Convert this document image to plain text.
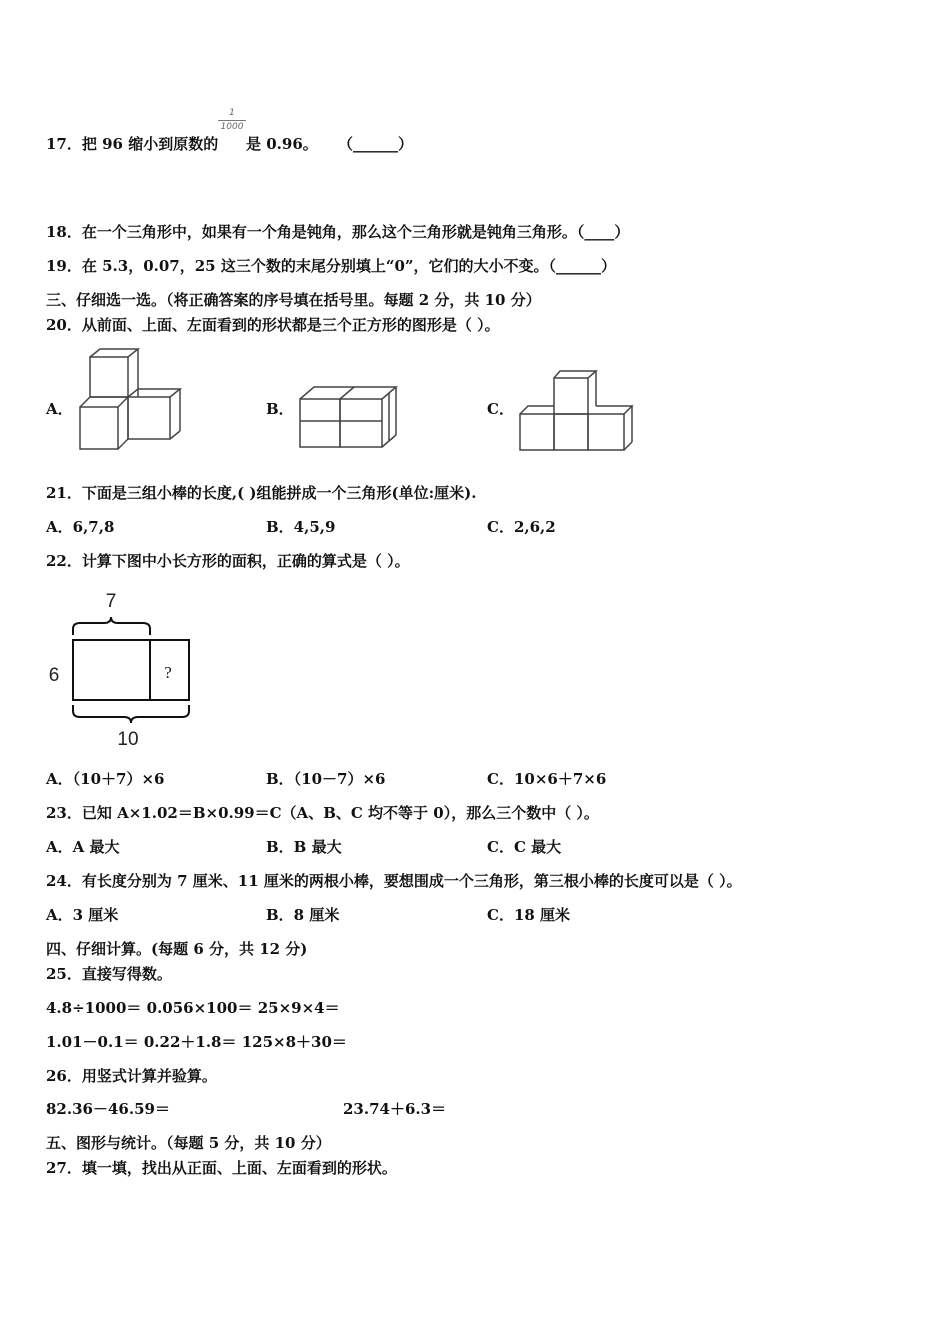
17．把 96 缩小到原数的
1
1000
是 0.96。 （______）
18．在一个三角形中，如果有一个角是钝角，那么这个三角形就是钝角三角形。（____）
19．在 5.3，0.07，25 这三个数的末尾分别填上“0”，它们的大小不变。（______）
三、仔细选一选。（将正确答案的序号填在括号里。每题 2 分，共 10 分）
20．从前面、上面、左面看到的形状都是三个正方形的图形是（ ）。
A．	B．	C．
21．下面是三组小棒的长度,( )组能拼成一个三角形(单位:厘米).
A．6,7,8	B．4,5,9	C．2,6,2
22．计算下图中小长方形的面积，正确的算式是（ ）。
7
6
10
?
A．（10＋7）×6	B．（10－7）×6	C．10×6＋7×6
23．已知 A×1.02＝B×0.99＝C（A、B、C 均不等于 0），那么三个数中（ ）。
A．A 最大	B．B 最大	C．C 最大
24．有长度分别为 7 厘米、11 厘米的两根小棒，要想围成一个三角形，第三根小棒的长度可以是（ ）。
A．3 厘米	B．8 厘米	C．18 厘米
四、仔细计算。(每题 6 分，共 12 分)
25．直接写得数。
4.8÷1000＝ 0.056×100＝ 25×9×4＝
1.01－0.1＝ 0.22＋1.8＝ 125×8＋30＝
26．用竖式计算并验算。
82.36－46.59＝	23.74＋6.3＝
五、图形与统计。（每题 5 分，共 10 分）
27．填一填，找出从正面、上面、左面看到的形状。
